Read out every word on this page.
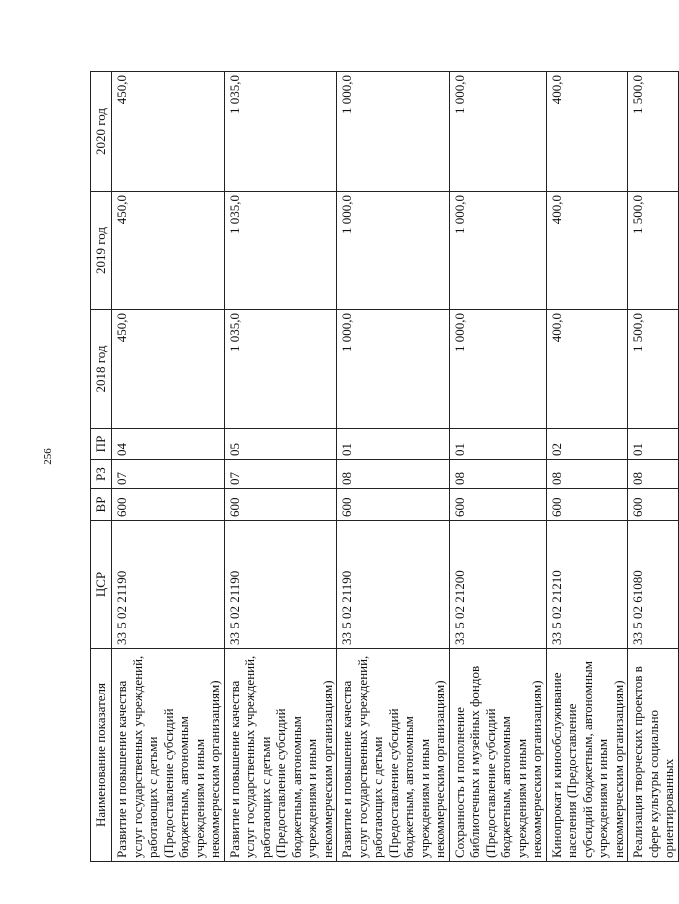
256
Наименование показателя	ЦСР	ВР	РЗ	ПР	2018 год	2019 год	2020 год
Развитие и повышение качества услуг государственных учреждений, работающих с детьми (Предоставление субсидий бюджетным, автономным учреждениям и иным некоммерческим организациям)	33 5 02 21190	600	07	04	450,0	450,0	450,0
Развитие и повышение качества услуг государственных учреждений, работающих с детьми (Предоставление субсидий бюджетным, автономным учреждениям и иным некоммерческим организациям)	33 5 02 21190	600	07	05	1 035,0	1 035,0	1 035,0
Развитие и повышение качества услуг государственных учреждений, работающих с детьми (Предоставление субсидий бюджетным, автономным учреждениям и иным некоммерческим организациям)	33 5 02 21190	600	08	01	1 000,0	1 000,0	1 000,0
Сохранность и пополнение библиотечных и музейных фондов (Предоставление субсидий бюджетным, автономным учреждениям и иным некоммерческим организациям)	33 5 02 21200	600	08	01	1 000,0	1 000,0	1 000,0
Кинопрокат и кинообслуживание населения (Предоставление субсидий бюджетным, автономным учреждениям и иным некоммерческим организациям)	33 5 02 21210	600	08	02	400,0	400,0	400,0
Реализация творческих проектов в сфере культуры социально ориентированных	33 5 02 61080	600	08	01	1 500,0	1 500,0	1 500,0
